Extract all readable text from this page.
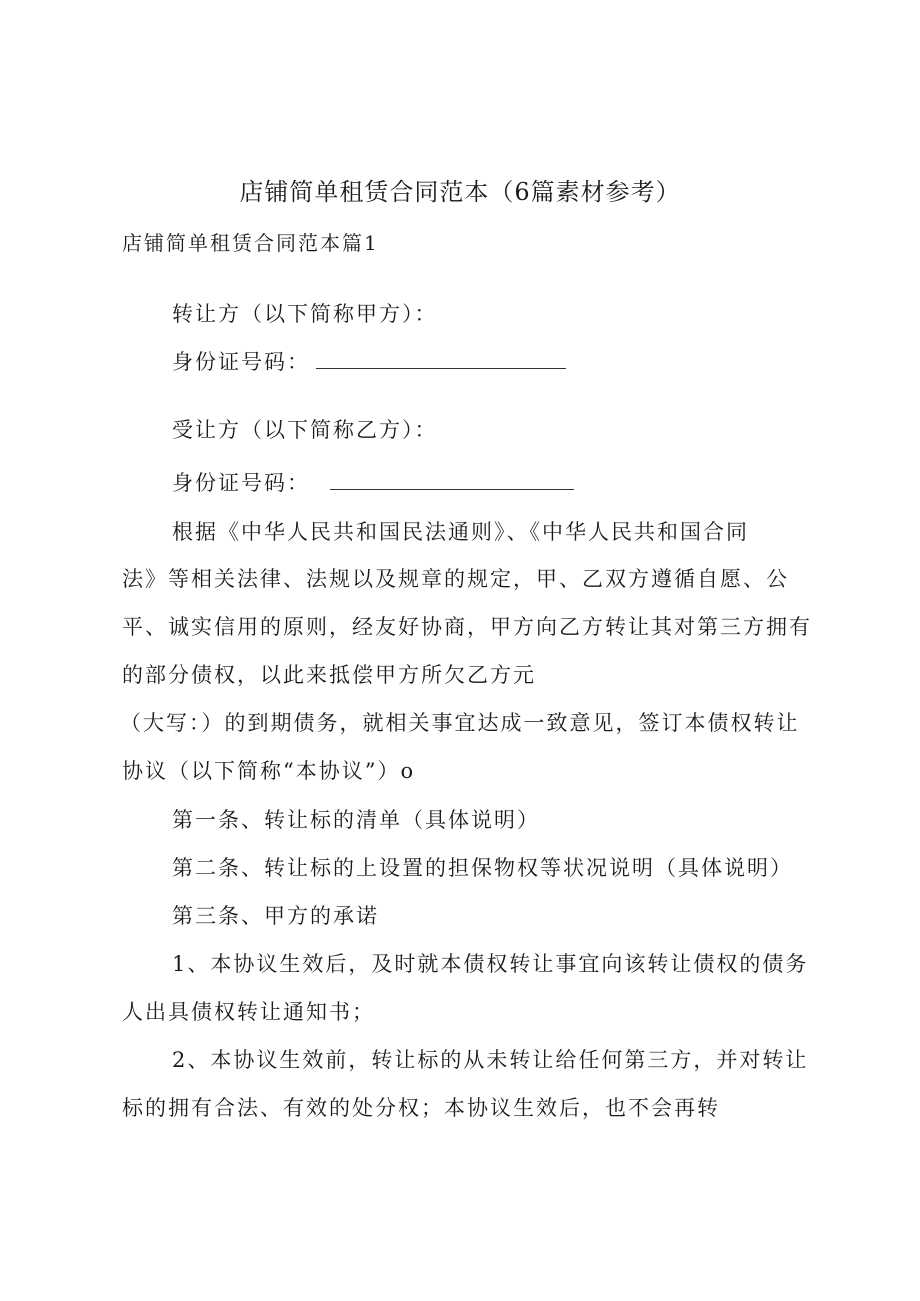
店铺简单租赁合同范本（6篇素材参考）
店铺简单租赁合同范本篇1
转让方（以下简称甲方）：
身份证号码：
受让方（以下简称乙方）：
身份证号码：
根据《中华人民共和国民法通则》、《中华人民共和国合同
法》等相关法律、法规以及规章的规定，甲、乙双方遵循自愿、公
平、诚实信用的原则，经友好协商，甲方向乙方转让其对第三方拥有
的部分债权，以此来抵偿甲方所欠乙方元
（大写：）的到期债务，就相关事宜达成一致意见，签订本债权转让
协议（以下简称“本协议”）o
第一条、转让标的清单（具体说明）
第二条、转让标的上设置的担保物权等状况说明（具体说明）
第三条、甲方的承诺
1、本协议生效后，及时就本债权转让事宜向该转让债权的债务
人出具债权转让通知书；
2、本协议生效前，转让标的从未转让给任何第三方，并对转让
标的拥有合法、有效的处分权；本协议生效后，也不会再转
